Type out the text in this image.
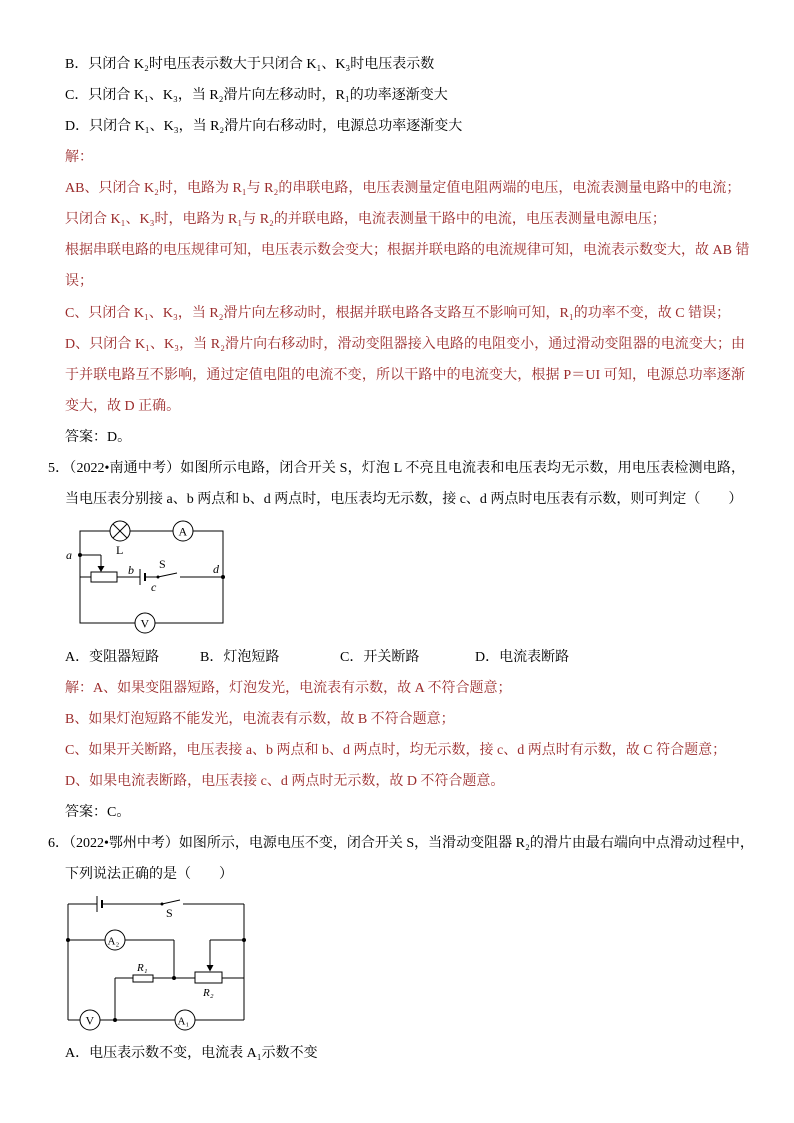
B．只闭合 K₂时电压表示数大于只闭合 K₁、K₃时电压表示数
C．只闭合 K₁、K₃，当 R₂滑片向左移动时，R₁的功率逐渐变大
D．只闭合 K₁、K₃，当 R₂滑片向右移动时，电源总功率逐渐变大
解：
AB、只闭合 K₂时，电路为 R₁与 R₂的串联电路，电压表测量定值电阻两端的电压，电流表测量电路中的电流；
只闭合 K₁、K₃时，电路为 R₁与 R₂的并联电路，电流表测量干路中的电流，电压表测量电源电压；
根据串联电路的电压规律可知，电压表示数会变大；根据并联电路的电流规律可知，电流表示数变大，故 AB 错
误；
C、只闭合 K₁、K₃，当 R₂滑片向左移动时，根据并联电路各支路互不影响可知，R₁的功率不变，故 C 错误；
D、只闭合 K₁、K₃，当 R₂滑片向右移动时，滑动变阻器接入电路的电阻变小，通过滑动变阻器的电流变大；由
于并联电路互不影响，通过定值电阻的电流不变，所以干路中的电流变大，根据 P＝UI 可知，电源总功率逐渐
变大，故 D 正确。
答案：D。
5．（2022•南通中考）如图所示电路，闭合开关 S，灯泡 L 不亮且电流表和电压表均无示数，用电压表检测电路，
当电压表分别接 a、b 两点和 b、d 两点时，电压表均无示数，接 c、d 两点时电压表有示数，则可判定（　　）
L
A
V
a
b S
c
d
A．变阻器短路	B．灯泡短路	C．开关断路	D．电流表断路
解：A、如果变阻器短路，灯泡发光，电流表有示数，故 A 不符合题意；
B、如果灯泡短路不能发光，电流表有示数，故 B 不符合题意；
C、如果开关断路，电压表接 a、b 两点和 b、d 两点时，均无示数，接 c、d 两点时有示数，故 C 符合题意；
D、如果电流表断路，电压表接 c、d 两点时无示数，故 D 不符合题意。
答案：C。
6．（2022•鄂州中考）如图所示，电源电压不变，闭合开关 S，当滑动变阻器 R₂的滑片由最右端向中点滑动过程中，
下列说法正确的是（　　）
S
A₂
R₁
R₂
V	A₁
A．电压表示数不变，电流表 A₁示数不变
